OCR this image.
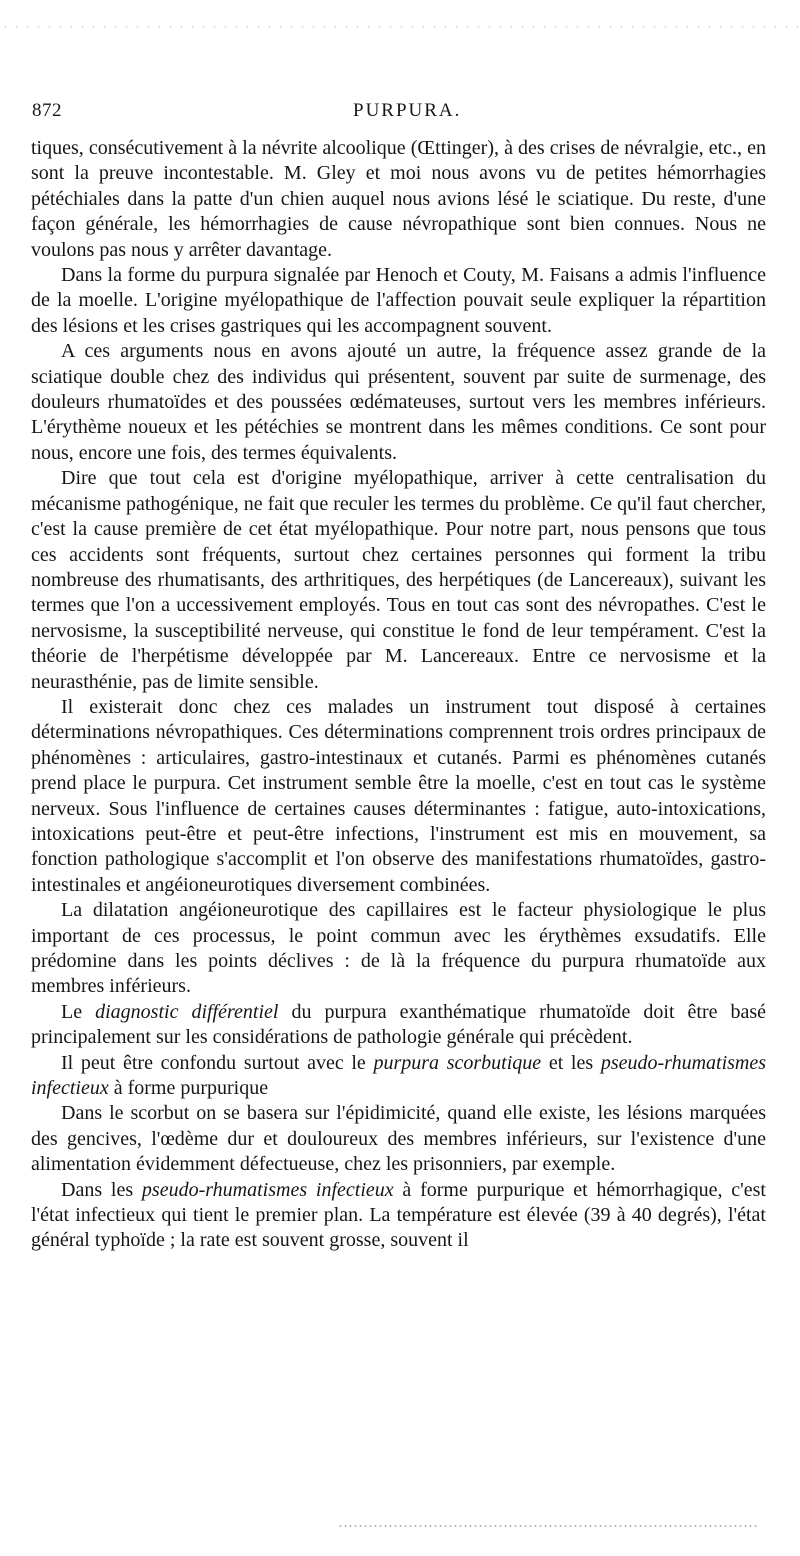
872	PURPURA.

tiques, consécutivement à la névrite alcoolique (Œttinger), à des crises de névralgie, etc., en sont la preuve incontestable. M. Gley et moi nous avons vu de petites hémorrhagies pétéchiales dans la patte d'un chien auquel nous avions lésé le sciatique. Du reste, d'une façon générale, les hémorrhagies de cause névropathique sont bien connues. Nous ne voulons pas nous y arrêter davantage.

Dans la forme du purpura signalée par Henoch et Couty, M. Faisans a admis l'influence de la moelle. L'origine myélopathique de l'affection pouvait seule expliquer la répartition des lésions et les crises gastriques qui les accompagnent souvent.

A ces arguments nous en avons ajouté un autre, la fréquence assez grande de la sciatique double chez des individus qui présentent, souvent par suite de surmenage, des douleurs rhumatoïdes et des poussées œdémateuses, surtout vers les membres inférieurs. L'érythème noueux et les pétéchies se montrent dans les mêmes conditions. Ce sont pour nous, encore une fois, des termes équivalents.

Dire que tout cela est d'origine myélopathique, arriver à cette centralisation du mécanisme pathogénique, ne fait que reculer les termes du problème. Ce qu'il faut chercher, c'est la cause première de cet état myélopathique. Pour notre part, nous pensons que tous ces accidents sont fréquents, surtout chez certaines personnes qui forment la tribu nombreuse des rhumatisants, des arthritiques, des herpétiques (de Lancereaux), suivant les termes que l'on a uccessivement employés. Tous en tout cas sont des névropathes. C'est le nervosisme, la susceptibilité nerveuse, qui constitue le fond de leur tempérament. C'est la théorie de l'herpétisme développée par M. Lancereaux. Entre ce nervosisme et la neurasthénie, pas de limite sensible.

Il existerait donc chez ces malades un instrument tout disposé à certaines déterminations névropathiques. Ces déterminations comprennent trois ordres principaux de phénomènes : articulaires, gastro-intestinaux et cutanés. Parmi es phénomènes cutanés prend place le purpura. Cet instrument semble être la moelle, c'est en tout cas le système nerveux. Sous l'influence de certaines causes déterminantes : fatigue, auto-intoxications, intoxications peut-être et peut-être infections, l'instrument est mis en mouvement, sa fonction pathologique s'accomplit et l'on observe des manifestations rhumatoïdes, gastro-intestinales et angéioneurotiques diversement combinées.

La dilatation angéioneurotique des capillaires est le facteur physiologique le plus important de ces processus, le point commun avec les érythèmes exsudatifs. Elle prédomine dans les points déclives : de là la fréquence du purpura rhumatoïde aux membres inférieurs.

Le diagnostic différentiel du purpura exanthématique rhumatoïde doit être basé principalement sur les considérations de pathologie générale qui précèdent.

Il peut être confondu surtout avec le purpura scorbutique et les pseudo-rhumatismes infectieux à forme purpurique

Dans le scorbut on se basera sur l'épidimicité, quand elle existe, les lésions marquées des gencives, l'œdème dur et douloureux des membres inférieurs, sur l'existence d'une alimentation évidemment défectueuse, chez les prisonniers, par exemple.

Dans les pseudo-rhumatismes infectieux à forme purpurique et hémorrhagique, c'est l'état infectieux qui tient le premier plan. La température est élevée (39 à 40 degrés), l'état général typhoïde ; la rate est souvent grosse, souvent il
